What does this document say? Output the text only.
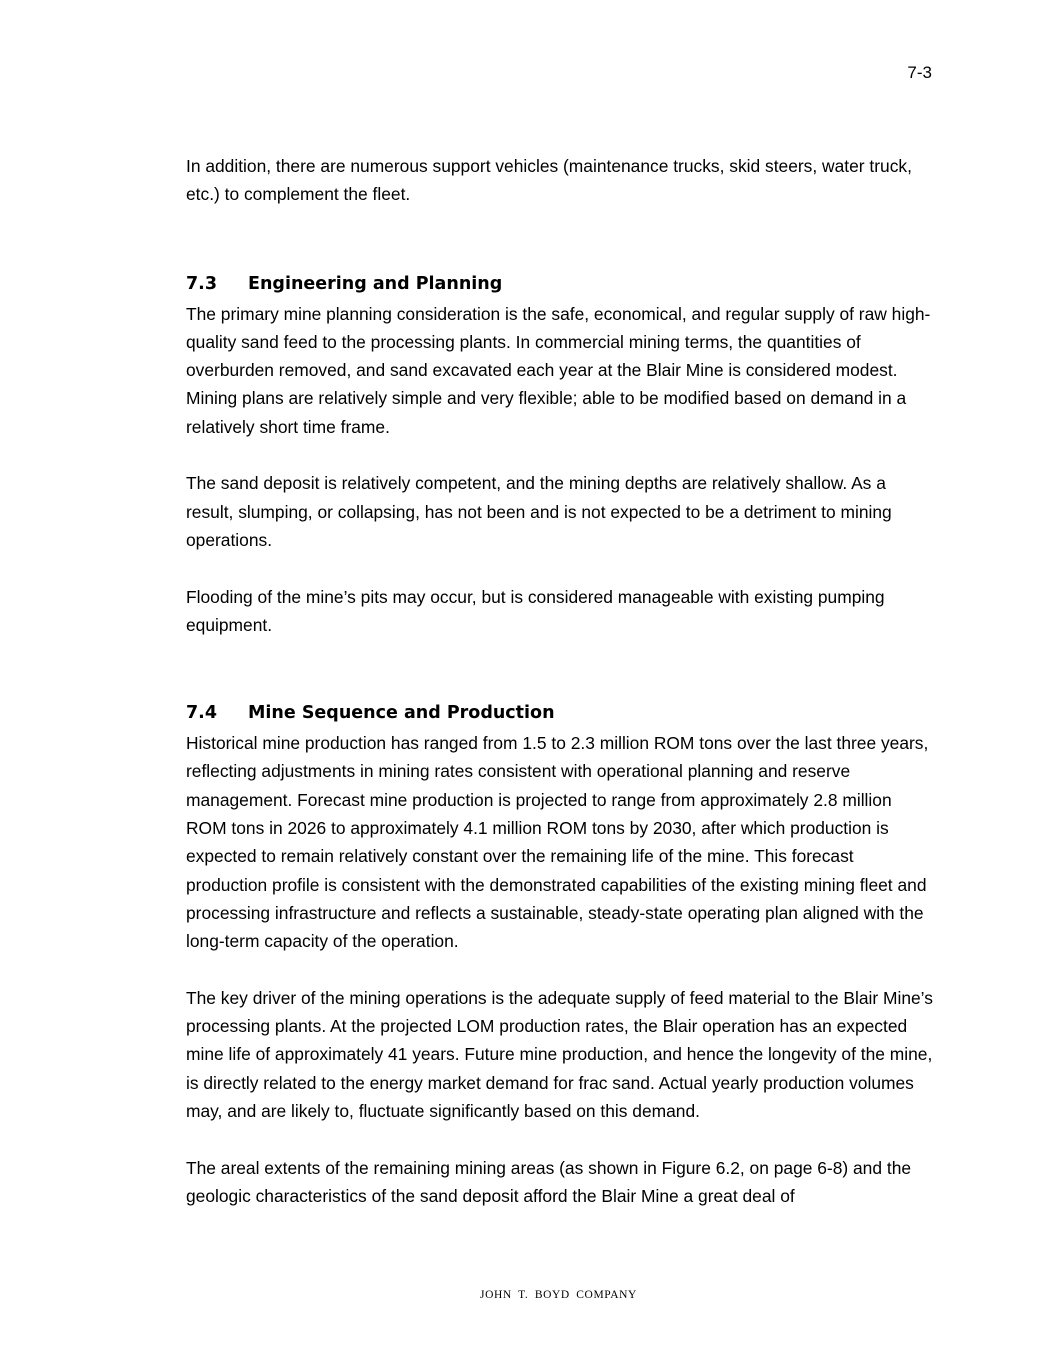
7-3

In addition, there are numerous support vehicles (maintenance trucks, skid steers, water truck, etc.) to complement the fleet.

7.3	Engineering and Planning

The primary mine planning consideration is the safe, economical, and regular supply of raw high-quality sand feed to the processing plants. In commercial mining terms, the quantities of overburden removed, and sand excavated each year at the Blair Mine is considered modest. Mining plans are relatively simple and very flexible; able to be modified based on demand in a relatively short time frame.

The sand deposit is relatively competent, and the mining depths are relatively shallow. As a result, slumping, or collapsing, has not been and is not expected to be a detriment to mining operations.

Flooding of the mine’s pits may occur, but is considered manageable with existing pumping equipment.

7.4	Mine Sequence and Production

Historical mine production has ranged from 1.5 to 2.3 million ROM tons over the last three years, reflecting adjustments in mining rates consistent with operational planning and reserve management. Forecast mine production is projected to range from approximately 2.8 million ROM tons in 2026 to approximately 4.1 million ROM tons by 2030, after which production is expected to remain relatively constant over the remaining life of the mine. This forecast production profile is consistent with the demonstrated capabilities of the existing mining fleet and processing infrastructure and reflects a sustainable, steady-state operating plan aligned with the long-term capacity of the operation.

The key driver of the mining operations is the adequate supply of feed material to the Blair Mine’s processing plants. At the projected LOM production rates, the Blair operation has an expected mine life of approximately 41 years. Future mine production, and hence the longevity of the mine, is directly related to the energy market demand for frac sand. Actual yearly production volumes may, and are likely to, fluctuate significantly based on this demand.

The areal extents of the remaining mining areas (as shown in Figure 6.2, on page 6-8) and the geologic characteristics of the sand deposit afford the Blair Mine a great deal of

JOHN T. BOYD COMPANY
